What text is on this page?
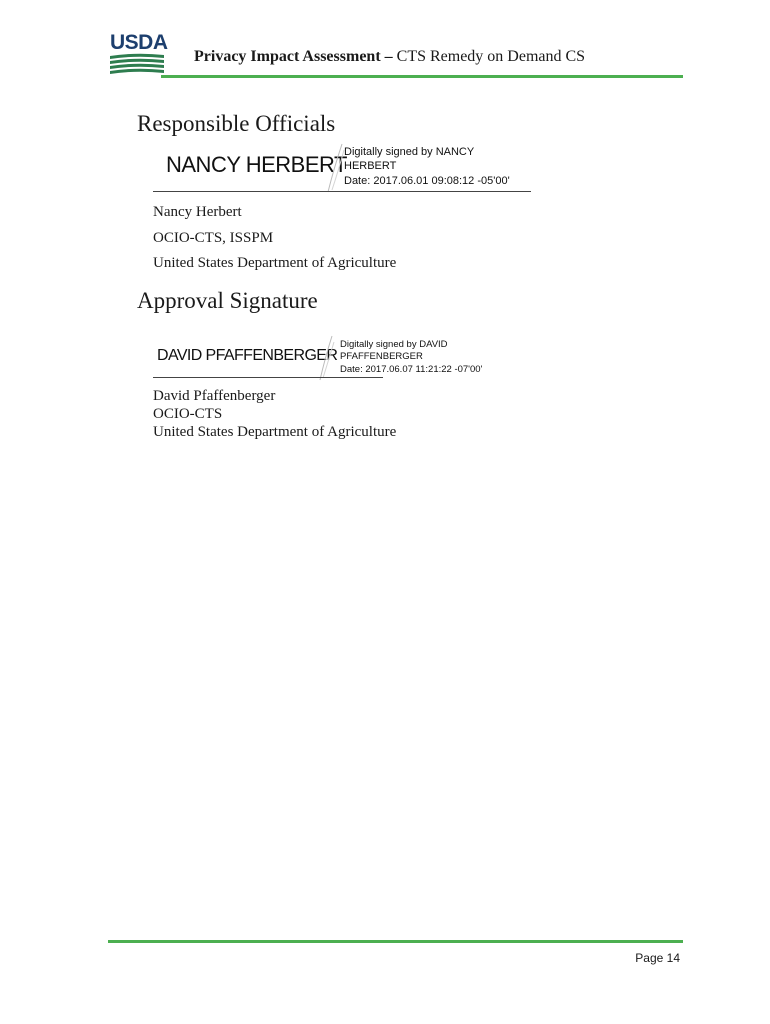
USDA
Privacy Impact Assessment – CTS Remedy on Demand CS
Responsible Officials
NANCY HERBERT
Digitally signed by NANCY
HERBERT
Date: 2017.06.01 09:08:12 -05'00'
Nancy Herbert
OCIO-CTS, ISSPM
United States Department of Agriculture
Approval Signature
DAVID PFAFFENBERGER
Digitally signed by DAVID
PFAFFENBERGER
Date: 2017.06.07 11:21:22 -07'00'
David Pfaffenberger
OCIO-CTS
United States Department of Agriculture
Page 14
